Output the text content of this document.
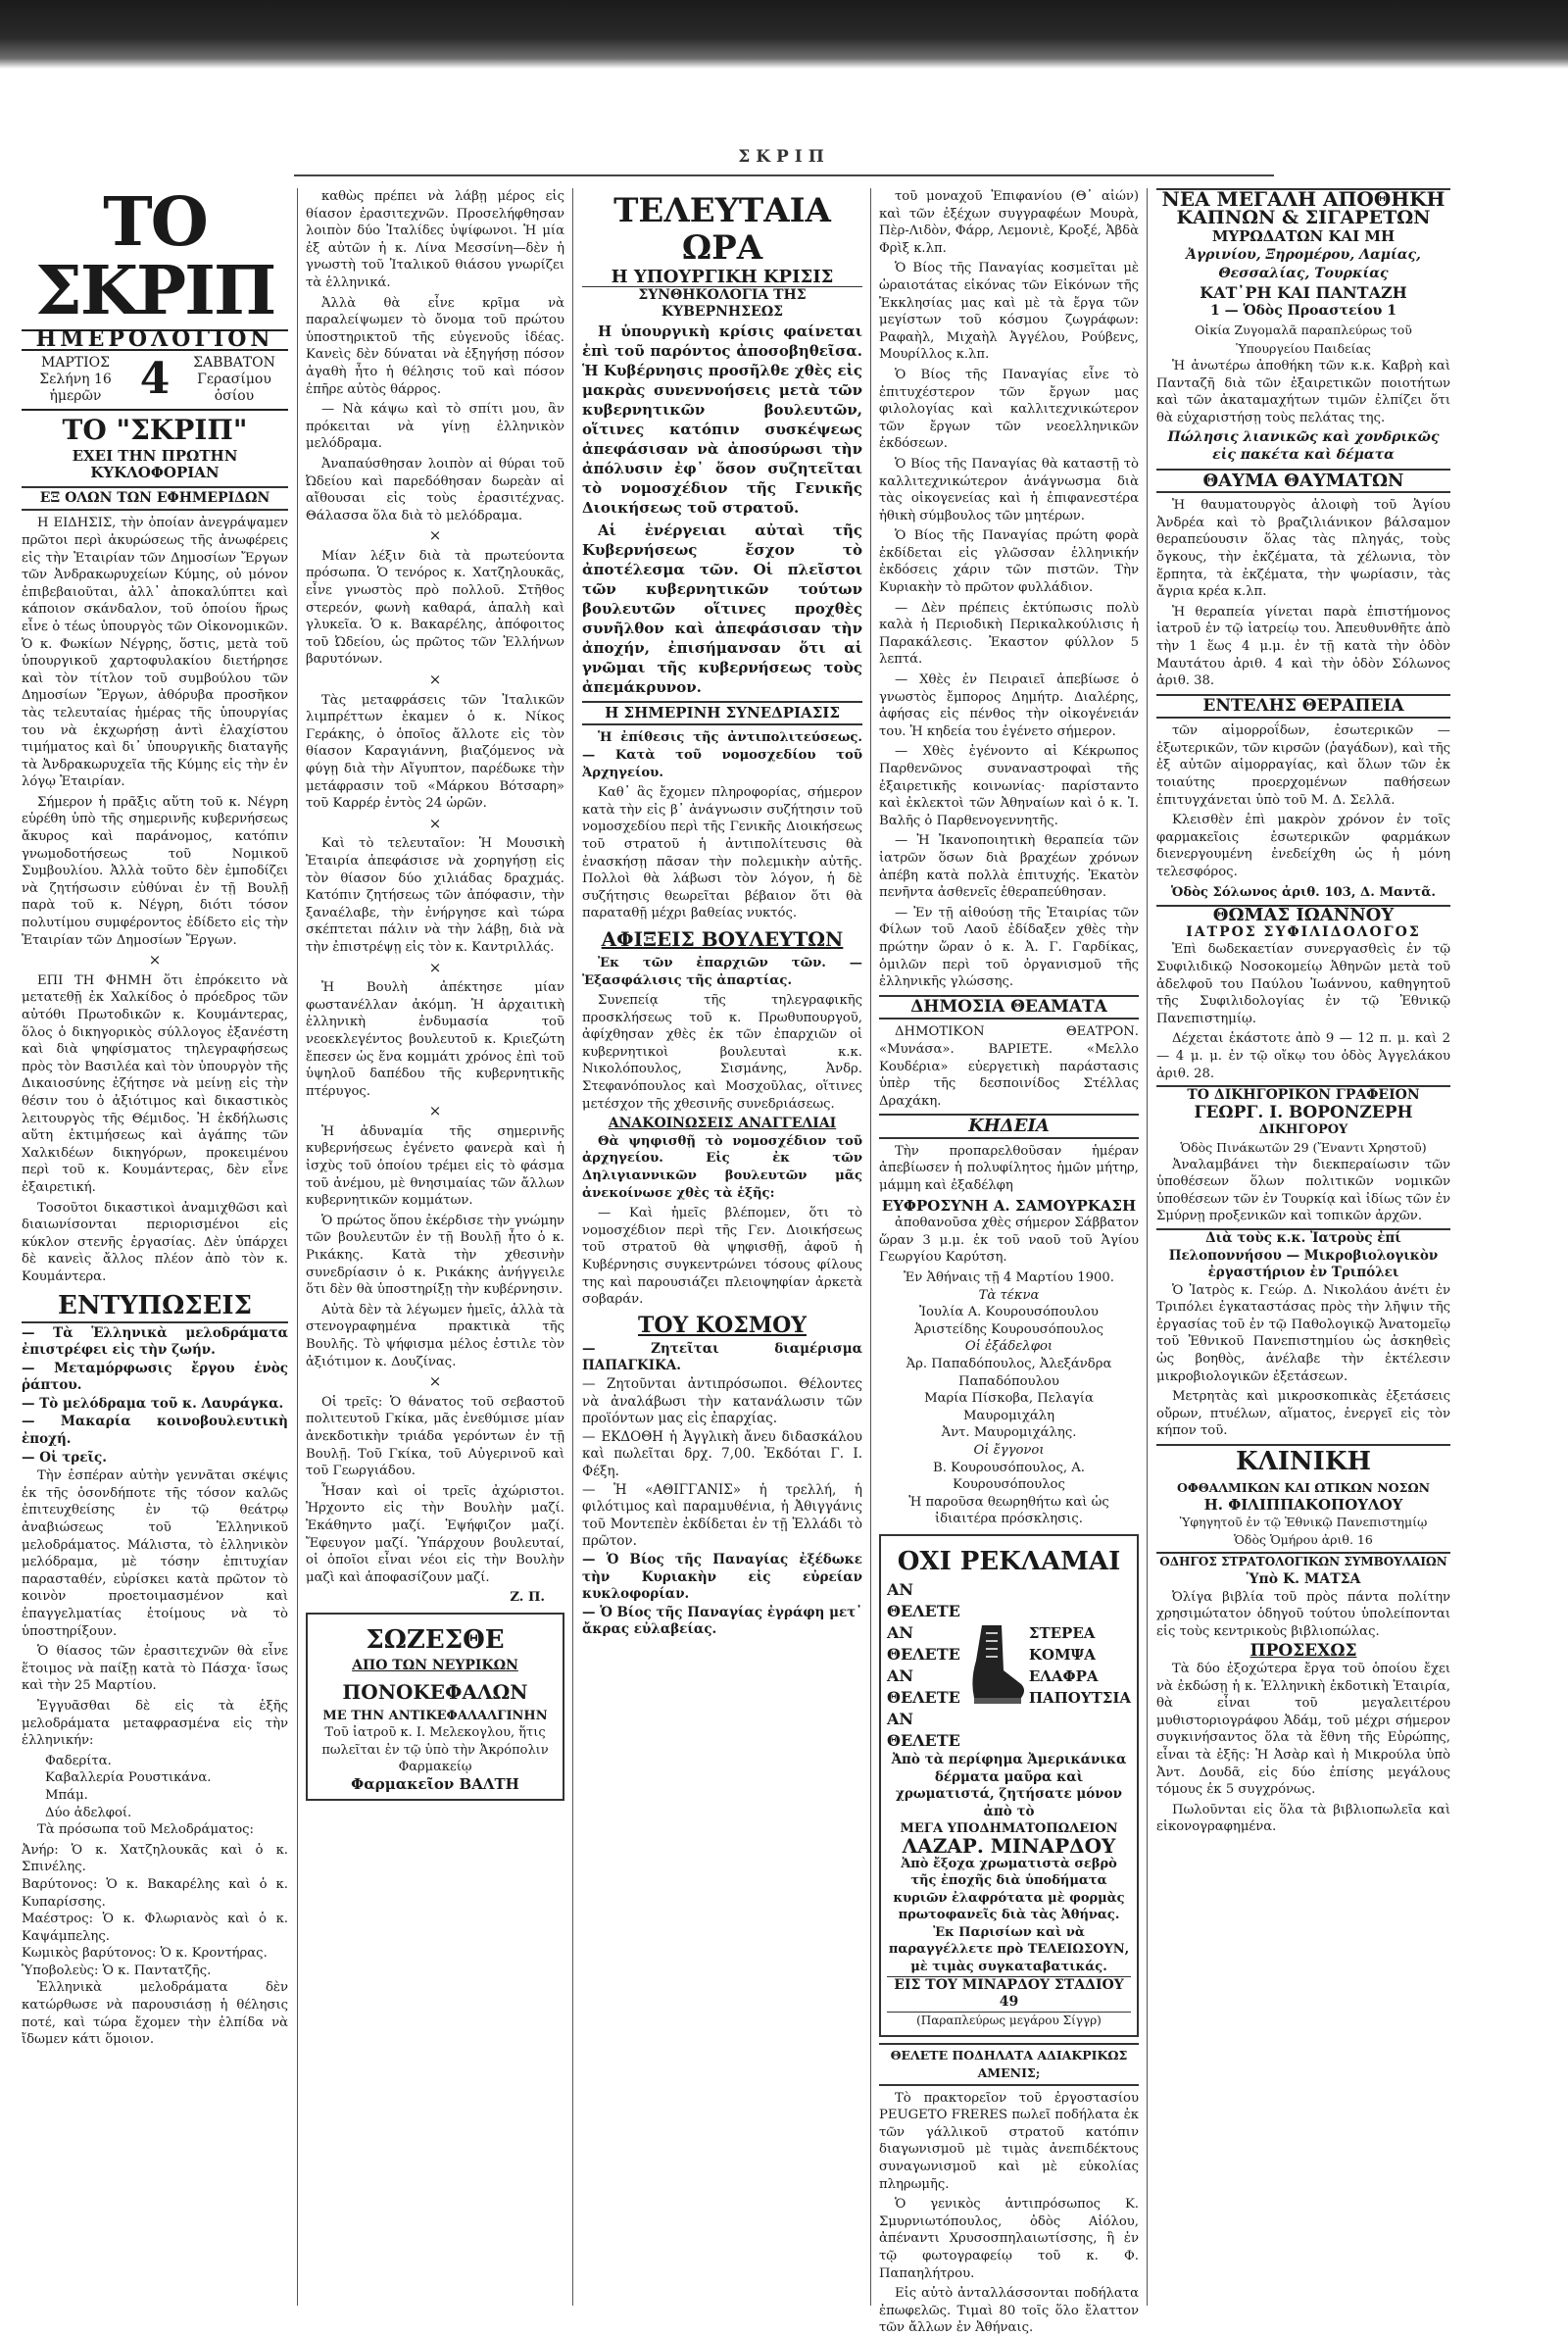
ΣΚΡΙΠ
ΤΟ ΣΚΡΙΠ
ΗΜΕΡΟΛΟΓΙΟΝ
ΜΑΡΤΙΟΣ
Σελήνη 16 ἡμερῶν 4	ΣΑΒΒΑΤΟΝ
Γερασίμου ὁσίου
ΤΟ "ΣΚΡΙΠ"
ΕΧΕΙ ΤΗΝ ΠΡΩΤΗΝ ΚΥΚΛΟΦΟΡΙΑΝ
ΕΞ ΟΛΩΝ ΤΩΝ ΕΦΗΜΕΡΙΔΩΝ

Η ΕΙΔΗΣΙΣ, τὴν ὁποίαν ἀνεγράψαμεν πρῶτοι περὶ ἀκυρώσεως τῆς ἀνωφέρεις εἰς τὴν Ἑταιρίαν τῶν Δημοσίων Ἔργων τῶν Ἀνδρακωρυχείων Κύμης, οὐ μόνον ἐπιβεβαιοῦται, ἀλλ᾽ ἀποκαλύπτει καὶ κάποιον σκάνδαλον, τοῦ ὁποίου ἥρως εἶνε ὁ τέως ὑπουργὸς τῶν Οἰκονομικῶν. Ὁ κ. Φωκίων Νέγρης, ὅστις, μετὰ τοῦ ὑπουργικοῦ χαρτοφυλακίου διετήρησε καὶ τὸν τίτλον τοῦ συμβούλου τῶν Δημοσίων Ἔργων, ἀθόρυβα προσῆκον τὰς τελευταίας ἡμέρας τῆς ὑπουργίας του νὰ ἐκχωρήσῃ ἀντὶ ἐλαχίστου τιμήματος καὶ δι᾽ ὑπουργικῆς διαταγῆς τὰ Ἀνδρακωρυχεῖα τῆς Κύμης εἰς τὴν ἐν λόγῳ Ἑταιρίαν.

Σήμερον ἡ πρᾶξις αὕτη τοῦ κ. Νέγρη εὑρέθη ὑπὸ τῆς σημερινῆς κυβερνήσεως ἄκυρος καὶ παράνομος, κατόπιν γνωμοδοτήσεως τοῦ Νομικοῦ Συμβουλίου. Ἀλλὰ τοῦτο δὲν ἐμποδίζει νὰ ζητήσωσιν εὐθύναι ἐν τῇ Βουλῇ παρὰ τοῦ κ. Νέγρη, διότι τόσον πολυτίμου συμφέροντος ἐδίδετο εἰς τὴν Ἑταιρίαν τῶν Δημοσίων Ἔργων.

×

ΕΠΙ ΤΗ ΦΗΜΗ ὅτι ἐπρόκειτο νὰ μετατεθῇ ἐκ Χαλκίδος ὁ πρόεδρος τῶν αὐτόθι Πρωτοδικῶν κ. Κουμάντερας, ὅλος ὁ δικηγορικὸς σύλλογος ἐξανέστη καὶ διὰ ψηφίσματος τηλεγραφήσεως πρὸς τὸν Βασιλέα καὶ τὸν ὑπουργὸν τῆς Δικαιοσύνης ἐζήτησε νὰ μείνῃ εἰς τὴν θέσιν του ὁ ἀξιότιμος καὶ δικαστικὸς λειτουργὸς τῆς Θέμιδος. Ἡ ἐκδήλωσις αὕτη ἐκτιμήσεως καὶ ἀγάπης τῶν Χαλκιδέων δικηγόρων, προκειμένου περὶ τοῦ κ. Κουμάντερας, δὲν εἶνε ἐξαιρετική.

Τοσοῦτοι δικαστικοὶ ἀναμιχθῶσι καὶ διαιωνίσονται περιορισμένοι εἰς κύκλον στενῆς ἐργασίας. Δὲν ὑπάρχει δὲ κανεὶς ἄλλος πλέον ἀπὸ τὸν κ. Κουμάντερα.

ΕΝΤΥΠΩΣΕΙΣ
— Τὰ Ἑλληνικὰ μελοδράματα ἐπιστρέφει εἰς τὴν ζωήν.
— Μεταμόρφωσις ἔργου ἑνὸς ῥάπτου.
— Τὸ μελόδραμα τοῦ κ. Λαυράγκα.
— Μακαρία κοινοβουλευτικὴ ἐποχή.
— Οἱ τρεῖς.

Τὴν ἐσπέραν αὐτὴν γεννᾶται σκέψις ἐκ τῆς ὁσονδήποτε τῆς τόσον καλῶς ἐπιτευχθείσης ἐν τῷ θεάτρῳ ἀναβιώσεως τοῦ Ἑλληνικοῦ μελοδράματος. Μάλιστα, τὸ ἑλληνικὸν μελόδραμα, μὲ τόσην ἐπιτυχίαν παρασταθέν, εὑρίσκει κατὰ πρῶτον τὸ κοινὸν προετοιμασμένον καὶ ἐπαγγελματίας ἑτοίμους νὰ τὸ ὑποστηρίξουν.

Ὁ θίασος τῶν ἐρασιτεχνῶν θὰ εἶνε ἕτοιμος νὰ παίξῃ κατὰ τὸ Πάσχα· ἴσως καὶ τὴν 25 Μαρτίου.

Ἐγγυᾶσθαι δὲ εἰς τὰ ἑξῆς μελοδράματα μεταφρασμένα εἰς τὴν ἑλληνικήν:

Φαδερίτα.
Καβαλλερία Ρουστικάνα.
Μπάμ.
Δύο ἀδελφοί.

Τὰ πρόσωπα τοῦ Μελοδράματος:

Ἀνήρ: Ὁ κ. Χατζηλουκᾶς καὶ ὁ κ. Σπινέλης.
Βαρύτονος: Ὁ κ. Βακαρέλης καὶ ὁ κ. Κυπαρίσσης.
Μαέστρος: Ὁ κ. Φλωριανὸς καὶ ὁ κ. Καψάμπελης.
Κωμικὸς βαρύτονος: Ὁ κ. Κροντήρας.
Ὑποβολεὺς: Ὁ κ. Παντατζῆς.

Ἑλληνικὰ μελοδράματα δὲν κατώρθωσε νὰ παρουσιάσῃ ἡ θέλησις ποτέ, καὶ τώρα ἔχομεν τὴν ἐλπίδα νὰ ἴδωμεν κάτι ὅμοιον.

καθὼς πρέπει νὰ λάβῃ μέρος εἰς θίασον ἐρασιτεχνῶν. Προσελήφθησαν λοιπὸν δύο Ἰταλίδες ὑψίφωνοι. Ἡ μία ἐξ αὐτῶν ἡ κ. Λίνα Μεσσίνη—δὲν ἡ γνωστὴ τοῦ Ἰταλικοῦ θιάσου γνωρίζει τὰ ἑλληνικά.

Ἀλλὰ θὰ εἶνε κρῖμα νὰ παραλείψωμεν τὸ ὄνομα τοῦ πρώτου ὑποστηρικτοῦ τῆς εὐγενοῦς ἰδέας. Κανεὶς δὲν δύναται νὰ ἐξηγήσῃ πόσον ἀγαθὴ ἦτο ἡ θέλησις τοῦ καὶ πόσον ἐπῆρε αὐτὸς θάρρος.

— Νὰ κάψω καὶ τὸ σπίτι μου, ἂν πρόκειται νὰ γίνῃ ἑλληνικὸν μελόδραμα.

Ἀναπαύσθησαν λοιπὸν αἱ θύραι τοῦ Ὠδείου καὶ παρεδόθησαν δωρεὰν αἱ αἴθουσαι εἰς τοὺς ἐρασιτέχνας. Θάλασσα ὅλα διὰ τὸ μελόδραμα.

×

Μίαν λέξιν διὰ τὰ πρωτεύοντα πρόσωπα. Ὁ τενόρος κ. Χατζηλουκᾶς, εἶνε γνωστὸς πρὸ πολλοῦ. Στῆθος στερεόν, φωνὴ καθαρά, ἁπαλὴ καὶ γλυκεῖα. Ὁ κ. Βακαρέλης, ἀπόφοιτος τοῦ Ὠδείου, ὡς πρῶτος τῶν Ἑλλήνων βαρυτόνων.

×

Τὰς μεταφράσεις τῶν Ἰταλικῶν λιμπρέττων ἐκαμεν ὁ κ. Νίκος Γεράκης, ὁ ὁποῖος ἄλλοτε εἰς τὸν θίασον Καραγιάννη, βιαζόμενος νὰ φύγῃ διὰ τὴν Αἴγυπτον, παρέδωκε τὴν μετάφρασιν τοῦ «Μάρκου Βότσαρη» τοῦ Καρρέρ ἐντὸς 24 ὡρῶν.

×

Καὶ τὸ τελευταῖον: Ἡ Μουσικὴ Ἑταιρία ἀπεφάσισε νὰ χορηγήσῃ εἰς τὸν θίασον δύο χιλιάδας δραχμάς. Κατόπιν ζητήσεως τῶν ἀπόφασιν, τὴν ξαναέλαβε, τὴν ἐνήργησε καὶ τώρα σκέπτεται πάλιν νὰ τὴν λάβῃ, διὰ νὰ τὴν ἐπιστρέψῃ εἰς τὸν κ. Καντριλλάς.

×

Ἡ Βουλὴ ἀπέκτησε μίαν φωστανέλλαν ἀκόμη. Ἡ ἀρχαιτικὴ ἑλληνικὴ ἐνδυμασία τοῦ νεοεκλεγέντος βουλευτοῦ κ. Κριεζώτη ἔπεσεν ὡς ἕνα κομμάτι χρόνος ἐπὶ τοῦ ὑψηλοῦ δαπέδου τῆς κυβερνητικῆς πτέρυγος.

×

Ἡ ἀδυναμία τῆς σημερινῆς κυβερνήσεως ἐγένετο φανερὰ καὶ ἡ ἰσχὺς τοῦ ὁποίου τρέμει εἰς τὸ φάσμα τοῦ ἀνέμου, μὲ θνησιμαίας τῶν ἄλλων κυβερνητικῶν κομμάτων.

Ὁ πρώτος ὅπου ἐκέρδισε τὴν γνώμην τῶν βουλευτῶν ἐν τῇ Βουλῇ ἦτο ὁ κ. Ρικάκης. Κατὰ τὴν χθεσινὴν συνεδρίασιν ὁ κ. Ρικάκης ἀνήγγειλε ὅτι δὲν θὰ ὑποστηρίξῃ τὴν κυβέρνησιν.

Αὐτὰ δὲν τὰ λέγωμεν ἡμεῖς, ἀλλὰ τὰ στενογραφημένα πρακτικὰ τῆς Βουλῆς. Τὸ ψήφισμα μέλος ἐστιλε τὸν ἀξιότιμον κ. Δουζίνας.

×

Οἱ τρεῖς: Ὁ θάνατος τοῦ σεβαστοῦ πολιτευτοῦ Γκίκα, μᾶς ἐνεθύμισε μίαν ἀνεκδοτικὴν τριάδα γερόντων ἐν τῇ Βουλῇ. Τοῦ Γκίκα, τοῦ Αὐγερινοῦ καὶ τοῦ Γεωργιάδου.

Ἦσαν καὶ οἱ τρεῖς ἀχώριστοι. Ἠρχοντο εἰς τὴν Βουλὴν μαζί. Ἐκάθηντο μαζί. Ἐψήφιζον μαζί. Ἔφευγον μαζί. Ὑπάρχουν βουλευταί, οἱ ὁποῖοι εἶναι νέοι εἰς τὴν Βουλὴν μαζὶ καὶ ἀποφασίζουν μαζί.

Z. Π.
ΣΩΖΕΣΘΕ
ΑΠΟ ΤΩΝ ΝΕΥΡΙΚΩΝ
ΠΟΝΟΚΕΦΑΛΩΝ
ΜΕ ΤΗΝ ΑΝΤΙΚΕΦΑΛΑΛΓΙΝΗΝ
Τοῦ ἰατροῦ κ. Ι. Μελεκογλου, ἥτις πωλεῖται ἐν τῷ ὑπὸ τὴν Ἀκρόπολιν Φαρμακείῳ
Φαρμακεῖον ΒΑΛΤΗ
ΤΕΛΕΥΤΑΙΑ ΩΡΑ
Η ΥΠΟΥΡΓΙΚΗ ΚΡΙΣΙΣ
ΣΥΝΘΗΚΟΛΟΓΙΑ ΤΗΣ ΚΥΒΕΡΝΗΣΕΩΣ

Η ὑπουργικὴ κρίσις φαίνεται ἐπὶ τοῦ παρόντος ἀποσοβηθεῖσα. Ἡ Κυβέρνησις προσῆλθε χθὲς εἰς μακρὰς συνεννοήσεις μετὰ τῶν κυβερνητικῶν βουλευτῶν, οἵτινες κατόπιν συσκέψεως ἀπεφάσισαν νὰ ἀποσύρωσι τὴν ἀπόλυσιν ἐφ᾽ ὅσον συζητεῖται τὸ νομοσχέδιον τῆς Γενικῆς Διοικήσεως τοῦ στρατοῦ.

Αἱ ἐνέργειαι αὐταὶ τῆς Κυβερνήσεως ἔσχον τὸ ἀποτέλεσμα τῶν. Οἱ πλεῖστοι τῶν κυβερνητικῶν τούτων βουλευτῶν οἵτινες προχθὲς συνῆλθον καὶ ἀπεφάσισαν τὴν ἀποχήν, ἐπισήμανσαν ὅτι αἱ γνῶμαι τῆς κυβερνήσεως τοὺς ἀπεμάκρυνον.

Η ΣΗΜΕΡΙΝΗ ΣΥΝΕΔΡΙΑΣΙΣ

Ἡ ἐπίθεσις τῆς ἀντιπολιτεύσεως. — Κατὰ τοῦ νομοσχεδίου τοῦ Ἀρχηγείου.

Καθ᾽ ἃς ἔχομεν πληροφορίας, σήμερον κατὰ τὴν εἰς β᾽ ἀνάγνωσιν συζήτησιν τοῦ νομοσχεδίου περὶ τῆς Γενικῆς Διοικήσεως τοῦ στρατοῦ ἡ ἀντιπολίτευσις θὰ ἐνασκήσῃ πᾶσαν τὴν πολεμικὴν αὐτῆς. Πολλοὶ θὰ λάβωσι τὸν λόγον, ἡ δὲ συζήτησις θεωρεῖται βέβαιον ὅτι θὰ παραταθῇ μέχρι βαθείας νυκτός.

ΑΦΙΞΕΙΣ ΒΟΥΛΕΥΤΩΝ

Ἐκ τῶν ἐπαρχιῶν τῶν. — Ἐξασφάλισις τῆς ἀπαρτίας.

Συνεπείᾳ τῆς τηλεγραφικῆς προσκλήσεως τοῦ κ. Πρωθυπουργοῦ, ἀφίχθησαν χθὲς ἐκ τῶν ἐπαρχιῶν οἱ κυβερνητικοὶ βουλευταὶ κ.κ. Νικολόπουλος, Σισμάνης, Ἀνδρ. Στεφανόπουλος καὶ Μοσχοῦλας, οἵτινες μετέσχον τῆς χθεσινῆς συνεδριάσεως.

ΑΝΑΚΟΙΝΩΣΕΙΣ ΑΝΑΓΓΕΛΙΑΙ

Θὰ ψηφισθῇ τὸ νομοσχέδιον τοῦ ἀρχηγείου. Εἰς ἐκ τῶν Δηλιγιαννικῶν βουλευτῶν μᾶς ἀνεκοίνωσε χθὲς τὰ ἑξῆς:

— Καὶ ἡμεῖς βλέπομεν, ὅτι τὸ νομοσχέδιον περὶ τῆς Γεν. Διοικήσεως τοῦ στρατοῦ θὰ ψηφισθῇ, ἀφοῦ ἡ Κυβέρνησις συγκεντρώνει τόσους φίλους της καὶ παρουσιάζει πλειοψηφίαν ἀρκετὰ σοβαράν.

ΤΟΥ ΚΟΣΜΟΥ
— Ζητεῖται διαμέρισμα ΠΑΠΑΓΚΙΚΑ.
— Ζητοῦνται ἀντιπρόσωποι. Θέλοντες νὰ ἀναλάβωσι τὴν κατανάλωσιν τῶν προϊόντων μας εἰς ἐπαρχίας.
— ΕΚΔΟΘΗ ἡ Ἀγγλικὴ ἄνευ διδασκάλου καὶ πωλεῖται δρχ. 7,00. Ἐκδόται Γ. Ι. Φέξη.
— Ἡ «ΑΘΙΓΓΑΝΙΣ» ἡ τρελλή, ἡ φιλότιμος καὶ παραμυθένια, ἡ Ἀθιγγάνις τοῦ Μοντεπὲν ἐκδίδεται ἐν τῇ Ἑλλάδι τὸ πρῶτον.
— Ὁ Βίος τῆς Παναγίας ἐξέδωκε τὴν Κυριακὴν εἰς εὐρείαν κυκλοφορίαν.
— Ὁ Βίος τῆς Παναγίας ἐγράφη μετ᾽ ἄκρας εὐλαβείας.

τοῦ μοναχοῦ Ἐπιφανίου (Θ᾽ αἰών) καὶ τῶν ἐξέχων συγγραφέων Μουρὰ, Πὲρ-Λιδὸν, Φάρρ, Λεμονιὲ, Κροξέ, Ἀβδὰ Φρὶξ κ.λπ.

Ὁ Βίος τῆς Παναγίας κοσμεῖται μὲ ὡραιοτάτας εἰκόνας τῶν Εἰκόνων τῆς Ἐκκλησίας μας καὶ μὲ τὰ ἔργα τῶν μεγίστων τοῦ κόσμου ζωγράφων: Ραφαὴλ, Μιχαὴλ Ἀγγέλου, Ρούβενς, Μουρίλλος κ.λπ.

Ὁ Βίος τῆς Παναγίας εἶνε τὸ ἐπιτυχέστερον τῶν ἔργων μας φιλολογίας καὶ καλλιτεχνικώτερον τῶν ἔργων τῶν νεοελληνικῶν ἐκδόσεων.

Ὁ Βίος τῆς Παναγίας θὰ καταστῇ τὸ καλλιτεχνικώτερον ἀνάγνωσμα διὰ τὰς οἰκογενείας καὶ ἡ ἐπιφανεστέρα ἠθικὴ σύμβουλος τῶν μητέρων.

Ὁ Βίος τῆς Παναγίας πρώτη φορὰ ἐκδίδεται εἰς γλῶσσαν ἑλληνικήν ἐκδόσεις χάριν τῶν πιστῶν. Τὴν Κυριακὴν τὸ πρῶτον φυλλάδιον.

— Δὲν πρέπεις ἐκτύπωσις πολὺ καλὰ ἡ Περιοδικὴ Περικαλκούλισις ἡ Παρακάλεσις. Ἐκαστον φύλλον 5 λεπτά.

— Χθὲς ἐν Πειραιεῖ ἀπεβίωσε ὁ γνωστὸς ἔμπορος Δημήτρ. Διαλέρης, ἀφήσας εἰς πένθος τὴν οἰκογένειάν του. Ἡ κηδεία του ἐγένετο σήμερον.

— Χθὲς ἐγένοντο αἱ Κέκρωπος Παρθενῶνος συναναστροφαὶ τῆς ἐξαιρετικῆς κοινωνίας· παρίσταντο καὶ ἐκλεκτοὶ τῶν Ἀθηναίων καὶ ὁ κ. Ἰ. Βαλῆς ὁ Παρθενογεννητῆς.

— Ἡ Ἰκανοποιητικὴ θεραπεία τῶν ἰατρῶν ὅσων διὰ βραχέων χρόνων ἀπέβη κατὰ πολλὰ ἐπιτυχής. Ἑκατὸν πενῆντα ἀσθενεῖς ἐθεραπεύθησαν.

— Ἐν τῇ αἰθούσῃ τῆς Ἑταιρίας τῶν Φίλων τοῦ Λαοῦ ἐδίδαξεν χθὲς τὴν πρώτην ὥραν ὁ κ. Ἀ. Γ. Γαρδίκας, ὁμιλῶν περὶ τοῦ ὀργανισμοῦ τῆς ἐλληνικῆς γλώσσης.

ΔΗΜΟΣΙΑ ΘΕΑΜΑΤΑ

ΔΗΜΟΤΙΚΟΝ ΘΕΑΤΡΟΝ. «Μυνάσα». ΒΑΡΙΕΤΕ. «Μελλο Κουδέρια» εὐεργετικὴ παράστασις ὑπὲρ τῆς δεσποινίδος Στέλλας Δραχάκη.

ΚΗΔΕΙΑ

Τὴν προπαρελθοῦσαν ἡμέραν ἀπεβίωσεν ἡ πολυφίλητος ἡμῶν μήτηρ, μάμμη καὶ ἐξαδέλφη

ΕΥΦΡΟΣΥΝΗ Α. ΣΑΜΟΥΡΚΑΣΗ

ἀποθανοῦσα χθὲς σήμερον Σάββατον ὥραν 3 μ.μ. ἐκ τοῦ ναοῦ τοῦ Ἁγίου Γεωργίου Καρύτση.

Ἐν Ἀθήναις τῇ 4 Μαρτίου 1900.
Τὰ τέκνα
Ἰουλία Α. Κουρουσόπουλου
Ἀριστείδης Κουρουσόπουλος
Οἱ ἐξάδελφοι
Ἀρ. Παπαδόπουλος, Ἀλεξάνδρα Παπαδόπουλου
Μαρία Πίσκοβα, Πελαγία Μαυρομιχάλη
Ἀντ. Μαυρομιχάλης.
Οἱ ἔγγονοι
Β. Κουρουσόπουλος, Α. Κουρουσόπουλος
Ἡ παροῦσα θεωρηθήτω καὶ ὡς ἰδιαιτέρα πρόσκλησις.
ΟΧΙ ΡΕΚΛΑΜΑΙ
ΑΝ ΘΕΛΕΤΕ
ΑΝ ΘΕΛΕΤΕ
ΑΝ ΘΕΛΕΤΕ
ΑΝ ΘΕΛΕΤΕ
ΣΤΕΡΕΑ
ΚΟΜΨΑ
ΕΛΑΦΡΑ
ΠΑΠΟΥΤΣΙΑ
Ἀπὸ τὰ περίφημα Ἀμερικάνικα δέρματα μαῦρα καὶ χρωματιστά, ζητήσατε μόνον ἀπὸ τὸ
ΜΕΓΑ ΥΠΟΔΗΜΑΤΟΠΩΛΕΙΟΝ
ΛΑΖΑΡ. ΜΙΝΑΡΔΟΥ
Ἀπὸ ἔξοχα χρωματιστὰ σεβρὸ τῆς ἐποχῆς διὰ ὑποδήματα κυριῶν ἐλαφρότατα μὲ φορμὰς πρωτοφανεῖς διὰ τὰς Ἀθήνας.
Ἐκ Παρισίων καὶ νὰ παραγγέλλετε πρὸ ΤΕΛΕΙΩΣΟΥΝ, μὲ τιμὰς συγκαταβατικάς.
ΕΙΣ ΤΟΥ ΜΙΝΑΡΔΟΥ ΣΤΑΔΙΟΥ 49
(Παραπλεύρως μεγάρου Σίγγρ)
ΘΕΛΕΤΕ ΠΟΔΗΛΑΤΑ ΑΔΙΑΚΡΙΚΩΣ ΑΜΕΝΙΣ;

Τὸ πρακτορεῖον τοῦ ἐργοστασίου PEUGETO FRERES πωλεῖ ποδήλατα ἐκ τῶν γάλλικοῦ στρατοῦ κατόπιν διαγωνισμοῦ μὲ τιμὰς ἀνεπιδέκτους συναγωνισμοῦ καὶ μὲ εὐκολίας πληρωμῆς.

Ὁ γενικὸς ἀντιπρόσωπος Κ. Σμυρνιωτόπουλος, ὁδὸς Αἰόλου, ἀπέναντι Χρυσοσπηλαιωτίσσης, ἢ ἐν τῷ φωτογραφείῳ τοῦ κ. Φ. Παπαηλήτρου.

Εἰς αὐτὸ ἀνταλλάσσονται ποδήλατα ἐπωφελῶς. Τιμαὶ 80 τοῖς ὅλο ἔλαττον τῶν ἄλλων ἐν Ἀθήναις.

ΝΕΑ ΜΕΓΑΛΗ ΑΠΟΘΗΚΗ
ΚΑΠΝΩΝ & ΣΙΓΑΡΕΤΩΝ
ΜΥΡΩΔΑΤΩΝ ΚΑΙ ΜΗ
Ἀγρινίου, Ξηρομέρου, Λαμίας, Θεσσαλίας, Τουρκίας
ΚΑΤ᾽ΡΗ ΚΑΙ ΠΑΝΤΑΖΗ
1 — Ὁδὸς Προαστείου 1
Οἰκία Ζυγομαλᾶ παραπλεύρως τοῦ Ὑπουργείου Παιδείας

Ἡ ἀνωτέρω ἀποθήκη τῶν κ.κ. Καβρὴ καὶ Πανταζῆ διὰ τῶν ἐξαιρετικῶν ποιοτήτων καὶ τῶν ἀκαταμαχήτων τιμῶν ἐλπίζει ὅτι θὰ εὐχαριστήσῃ τοὺς πελάτας της.

Πώλησις λιανικῶς καὶ χονδρικῶς εἰς πακέτα καὶ δέματα
ΘΑΥΜΑ ΘΑΥΜΑΤΩΝ

Ἡ θαυματουργὸς ἀλοιφὴ τοῦ Ἁγίου Ἀνδρέα καὶ τὸ βραζιλιάνικον βάλσαμον θεραπεύουσιν ὅλας τὰς πληγάς, τοὺς ὄγκους, τὴν ἐκζέματα, τὰ χέλωνια, τὸν ἕρπητα, τὰ ἐκζέματα, τὴν ψωρίασιν, τὰς ἄγρια κρέα κ.λπ.

Ἡ θεραπεία γίνεται παρὰ ἐπιστήμονος ἰατροῦ ἐν τῷ ἰατρείῳ του. Ἀπευθυνθῆτε ἀπὸ τὴν 1 ἕως 4 μ.μ. ἐν τῇ κατὰ τὴν ὁδὸν Μαυτάτου ἀριθ. 4 καὶ τὴν ὁδὸν Σόλωνος ἀριθ. 38.

ΕΝΤΕΛΗΣ ΘΕΡΑΠΕΙΑ

τῶν αἱμορροΐδων, ἐσωτερικῶν — ἐξωτερικῶν, τῶν κιρσῶν (ῥαγάδων), καὶ τῆς ἐξ αὐτῶν αἱμορραγίας, καὶ ὅλων τῶν ἐκ τοιαύτης προερχομένων παθήσεων ἐπιτυγχάνεται ὑπὸ τοῦ Μ. Δ. Σελλᾶ.

Κλεισθὲν ἐπὶ μακρὸν χρόνον ἐν τοῖς φαρμακεῖοις ἐσωτερικῶν φαρμάκων διενεργουμένη ἐνεδείχθη ὡς ἡ μόνη τελεσφόρος.

Ὁδὸς Σόλωνος ἀριθ. 103, Δ. Μαντᾶ.
ΘΩΜΑΣ ΙΩΑΝΝΟΥ
ΙΑΤΡΟΣ ΣΥΦΙΛΙΔΟΛΟΓΟΣ

Ἐπὶ δωδεκαετίαν συνεργασθεὶς ἐν τῷ Συφιλιδικῷ Νοσοκομείῳ Ἀθηνῶν μετὰ τοῦ ἀδελφοῦ του Παύλου Ἰωάννου, καθηγητοῦ τῆς Συφιλιδολογίας ἐν τῷ Ἐθνικῷ Πανεπιστημίῳ.

Δέχεται ἑκάστοτε ἀπὸ 9 — 12 π. μ. καὶ 2 — 4 μ. μ. ἐν τῷ οἴκῳ του ὁδὸς Ἀγγελάκου ἀριθ. 28.

ΤΟ ΔΙΚΗΓΟΡΙΚΟΝ ΓΡΑΦΕΙΟΝ
ΓΕΩΡΓ. Ι. ΒΟΡΟΝΖΕΡΗ
ΔΙΚΗΓΟΡΟΥ
Ὁδὸς Πινάκωτῶν 29 (Ἔναντι Χρηστοῦ)

Ἀναλαμβάνει τὴν διεκπεραίωσιν τῶν ὑποθέσεων ὅλων πολιτικῶν νομικῶν ὑποθέσεων τῶν ἐν Τουρκίᾳ καὶ ἰδίως τῶν ἐν Σμύρνῃ προξενικῶν καὶ τοπικῶν ἀρχῶν.

Διὰ τοὺς κ.κ. Ἰατροὺς ἐπί Πελοποννήσου — Μικροβιολογικὸν ἐργαστήριον ἐν Τριπόλει

Ὁ Ἰατρὸς κ. Γεώρ. Δ. Νικολάου ἀνέτι ἐν Τριπόλει ἐγκαταστάσας πρὸς τὴν λῆψιν τῆς ἐργασίας τοῦ ἐν τῷ Παθολογικῷ Ἀνατομεῖῳ τοῦ Ἐθνικοῦ Πανεπιστημίου ὡς ἀσκηθεὶς ὡς βοηθὸς, ἀνέλαβε τὴν ἐκτέλεσιν μικροβιολογικῶν ἐξετάσεων.

Μετρητὰς καὶ μικροσκοπικὰς ἐξετάσεις οὔρων, πτυέλων, αἵματος, ἐνεργεῖ εἰς τὸν κήπον τοῦ.

ΚΛΙΝΙΚΗ
ΟΦΘΑΛΜΙΚΩΝ ΚΑΙ ΩΤΙΚΩΝ ΝΟΣΩΝ
Η. ΦΙΛΙΠΠΑΚΟΠΟΥΛΟΥ
Ὑφηγητοῦ ἐν τῷ Ἐθνικῷ Πανεπιστημίῳ
Ὁδὸς Ὁμήρου ἀριθ. 16
ΟΔΗΓΟΣ ΣΤΡΑΤΟΛΟΓΙΚΩΝ ΣΥΜΒΟΥΛΑΙΩΝ
Ὑπὸ Κ. ΜΑΤΣΑ

Ὀλίγα βιβλία τοῦ πρὸς πάντα πολίτην χρησιμώτατον ὁδηγοῦ τούτου ὑπολείπονται εἰς τοὺς κεντρικοὺς βιβλιοπώλας.

ΠΡΟΣΕΧΩΣ

Τὰ δύο ἐξοχώτερα ἔργα τοῦ ὁποίου ἔχει νὰ ἐκδώσῃ ἡ κ. Ἑλληνικὴ ἐκδοτικὴ Ἑταιρία, θὰ εἶναι τοῦ μεγαλειτέρου μυθιστοριογράφου Ἀδάμ, τοῦ μέχρι σήμερον συγκινήσαντος ὅλα τὰ ἔθνη τῆς Εὐρώπης, εἶναι τὰ ἑξῆς: Ἡ Ἀσὰρ καὶ ἡ Μικρούλα ὑπὸ Ἀντ. Δουδᾶ, εἰς δύο ἐπίσης μεγάλους τόμους ἐκ 5 συγχρόνως.

Πωλοῦνται εἰς ὅλα τὰ βιβλιοπωλεῖα καὶ εἰκονογραφημένα.
